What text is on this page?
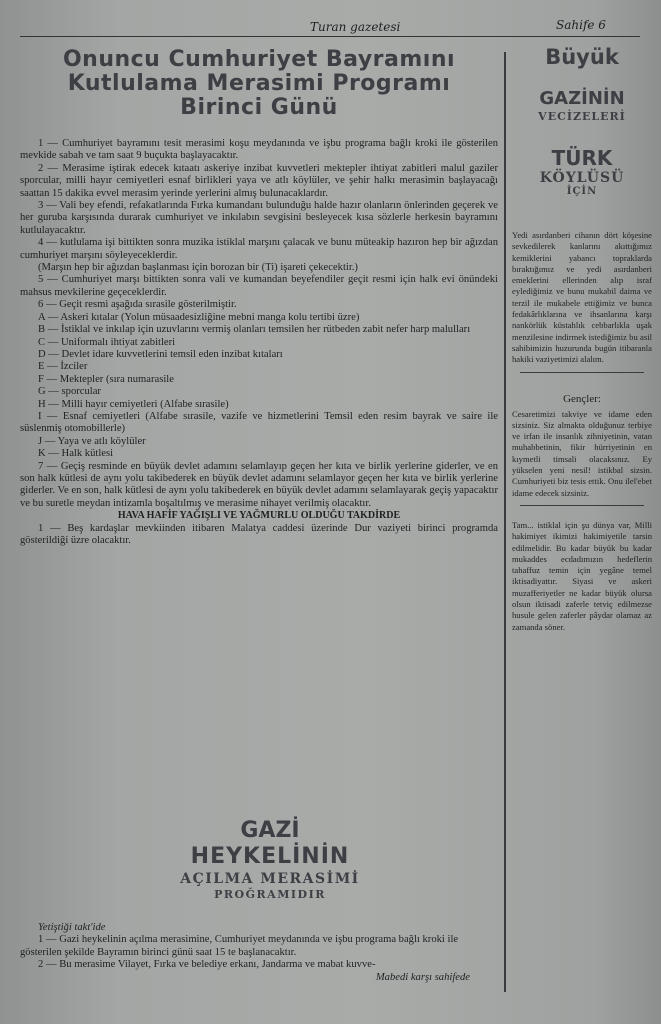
Turan gazetesi	Sahife 6
Onuncu Cumhuriyet Bayramını
Kutlulama Merasimi Programı
Birinci Günü

1 — Cumhuriyet bayramını tesit merasimi koşu meydanında ve işbu programa bağlı kroki ile gösterilen mevkide sabah ve tam saat 9 buçukta başlayacaktır.

2 — Merasime iştirak edecek kıtaatı askeriye inzibat kuvvetleri mektepler ihtiyat zabitleri malul gaziler sporcular, milli hayır cemiyetleri esnaf birlikleri yaya ve atlı köylüler, ve şehir halkı merasimin başlayacağı saattan 15 dakika evvel merasim yerinde yerlerini almış bulunacaklardır.

3 — Vali bey efendi, refakatlarında Fırka kumandanı bulunduğu halde hazır olanların önlerinden geçerek ve her guruba karşısında durarak cumhuriyet ve inkılabın sevgisini besleyecek kısa sözlerle herkesin bayramını kutlulayacaktır.

4 — kutlulama işi bittikten sonra muzika istiklal marşını çalacak ve bunu müteakip hazıron hep bir ağızdan cumhuriyet marşını söyleyeceklerdir.

(Marşın hep bir ağızdan başlanması için borozan bir (Ti) işareti çekecektir.)

5 — Cumhuriyet marşı bittikten sonra vali ve kumandan beyefendiler geçit resmi için halk evi önündeki mahsus mevkilerine geçeceklerdir.

6 — Geçit resmi aşağıda sırasile gösterilmiştir.

A — Askeri kıtalar (Yolun müsaadesizliğine mebni manga kolu tertibi üzre)

B — İstiklal ve inkılap için uzuvlarını vermiş olanları temsilen her rütbeden zabit nefer harp malulları

C — Uniformalı ihtiyat zabitleri

D — Devlet idare kuvvetlerini temsil eden inzibat kıtaları

E — İzciler

F — Mektepler (sıra numarasile

G — sporcular

H — Milli hayır cemiyetleri (Alfabe sırasile)

I — Esnaf cemiyetleri (Alfabe sırasile, vazife ve hizmetlerini Temsil eden resim bayrak ve saire ile süslenmiş otomobillerle)

J — Yaya ve atlı köylüler

K — Halk kütlesi

7 — Geçiş resminde en büyük devlet adamını selamlayıp geçen her kıta ve birlik yerlerine giderler, ve en son halk kütlesi de aynı yolu takibederek en büyük devlet adamını selamlayor geçen her kıta ve birlik yerlerine giderler. Ve en son, halk kütlesi de aynı yolu takibederek en büyük devlet adamını selamlayarak geçiş yapacaktır ve bu suretle meydan intizamla boşaltılmış ve merasime nihayet verilmiş olacaktır.

HAVA HAFİF YAĞIŞLI VE YAĞMURLU OLDUĞU TAKDİRDE

1 — Beş kardaşlar mevkiinden itibaren Malatya caddesi üzerinde Dur vaziyeti birinci programda gösterildiği üzre olacaktır.

GAZİ
HEYKELİNİN
AÇILMA MERASİMİ
PROĞRAMIDIR

Yetiştiği takt'ide

1 — Gazi heykelinin açılma merasimine, Cumhuriyet meydanında ve işbu programa bağlı kroki ile gösterilen şekilde Bayramın birinci günü saat 15 te başlanacaktır.

2 — Bu merasime Vilayet, Fırka ve belediye erkanı, Jandarma ve mabat kuvve-

Mabedi karşı sahifede

Büyük
GAZİNİN
VECİZELERİ
TÜRK
KÖYLÜSÜ
İÇİN

Yedi asırdanberi cihanın dört köşesine sevkedilerek kanlarını akıttığımız kemiklerini yabancı topraklarda bıraktığımız ve yedi asırdanberi emeklerini ellerinden alıp israf eylediğimiz ve bunu mukabil daima ve terzil ile mukabele ettiğimiz ve bunca fedakârlıklarına ve ihsanlarına karşı nankörlük küstahlık cebbarlıkla uşak menzilesine indirmek istediğimiz bu asil sahibimizin huzurunda bugün itibaranla hakiki vaziyetimizi alalım.

Gençler:

Cesaretimizi takviye ve idame eden sizsiniz. Siz almakta olduğunuz terbiye ve irfan ile insanlık zihniyetinin, vatan muhabbetinin, fikir hürriyetinin en kıymetli timsali olacaksınız. Ey yükselen yeni nesil! istikbal sizsin. Cumhuriyeti biz tesis ettik. Onu ilel'ebet idame edecek sizsiniz.

Tam... istiklal için şu dünya var, Milli hakimiyet ikimizi hakimiyetile tarsin edilmelidir. Bu kadar büyük bu kadar mukaddes ecdadımızın hedeflerin tahaffuz temin için yegâne temel iktisadiyattır. Siyasi ve askeri muzafferiyetler ne kadar büyük olursa olsun iktisadi zaferle tetviç edilmezse husule gelen zaferler pâydar olamaz az zamanda söner.
